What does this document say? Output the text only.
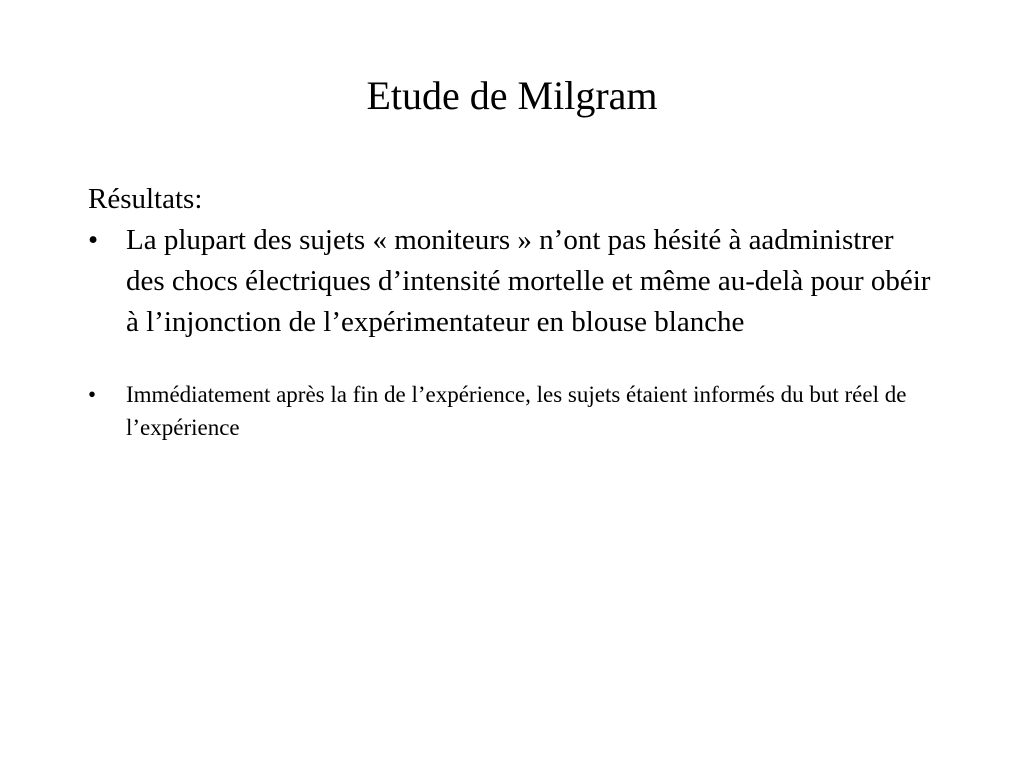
Etude de Milgram
Résultats:
• La plupart des sujets « moniteurs » n’ont pas hésité à aadministrer des chocs électriques d’intensité mortelle et même au-delà pour obéir à l’injonction de l’expérimentateur en blouse blanche
• Immédiatement après la fin de l’expérience, les sujets étaient informés du but réel de l’expérience
